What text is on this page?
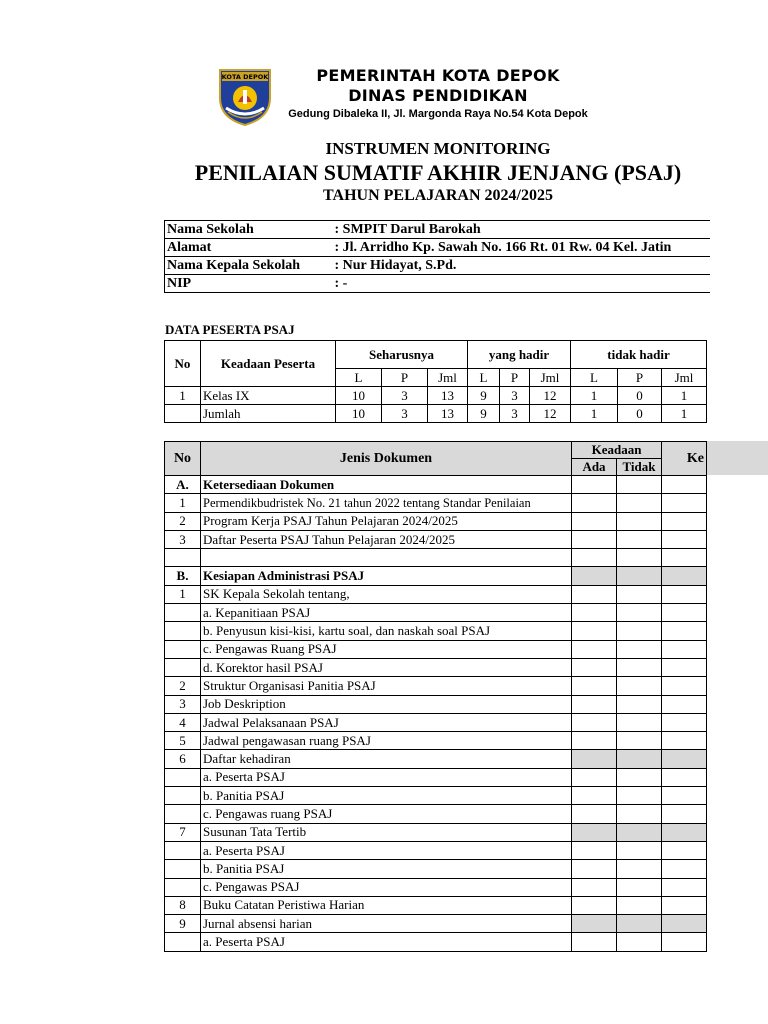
KOTA DEPOK	PEMERINTAH KOTA DEPOK
DINAS PENDIDIKAN
Gedung Dibaleka II, Jl. Margonda Raya No.54 Kota Depok
INSTRUMEN MONITORING
PENILAIAN SUMATIF AKHIR JENJANG (PSAJ)
TAHUN PELAJARAN 2024/2025
Nama Sekolah	: SMPIT Darul Barokah
Alamat	: Jl. Arridho Kp. Sawah No. 166 Rt. 01 Rw. 04 Kel. Jatin
Nama Kepala Sekolah	: Nur Hidayat, S.Pd.
NIP	: -
DATA PESERTA PSAJ
No	Keadaan Peserta	Seharusnya			yang hadir			tidak hadir		
		L	P	Jml	L	P	Jml	L	P	Jml
1	Kelas IX	10	3	13	9	3	12	1	0	1
	Jumlah	10	3	13	9	3	12	1	0	1
No	Jenis Dokumen	Keadaan		Ke
		Ada	Tidak	
A.	Ketersediaan Dokumen			
1	Permendikbudristek No. 21 tahun 2022 tentang Standar Penilaian			
2	Program Kerja PSAJ Tahun Pelajaran 2024/2025			
3	Daftar Peserta PSAJ Tahun Pelajaran 2024/2025			

B.	Kesiapan Administrasi PSAJ			
1	SK Kepala Sekolah tentang,			
	a. Kepanitiaan PSAJ			
	b. Penyusun kisi-kisi, kartu soal, dan naskah soal PSAJ			
	c. Pengawas Ruang PSAJ			
	d. Korektor hasil PSAJ			
2	Struktur Organisasi Panitia PSAJ			
3	Job Deskription			
4	Jadwal Pelaksanaan PSAJ			
5	Jadwal pengawasan ruang PSAJ			
6	Daftar kehadiran			
	a. Peserta PSAJ			
	b. Panitia PSAJ			
	c. Pengawas ruang PSAJ			
7	Susunan Tata Tertib			
	a. Peserta PSAJ			
	b. Panitia PSAJ			
	c. Pengawas PSAJ			
8	Buku Catatan Peristiwa Harian			
9	Jurnal absensi harian			
	a. Peserta PSAJ			
